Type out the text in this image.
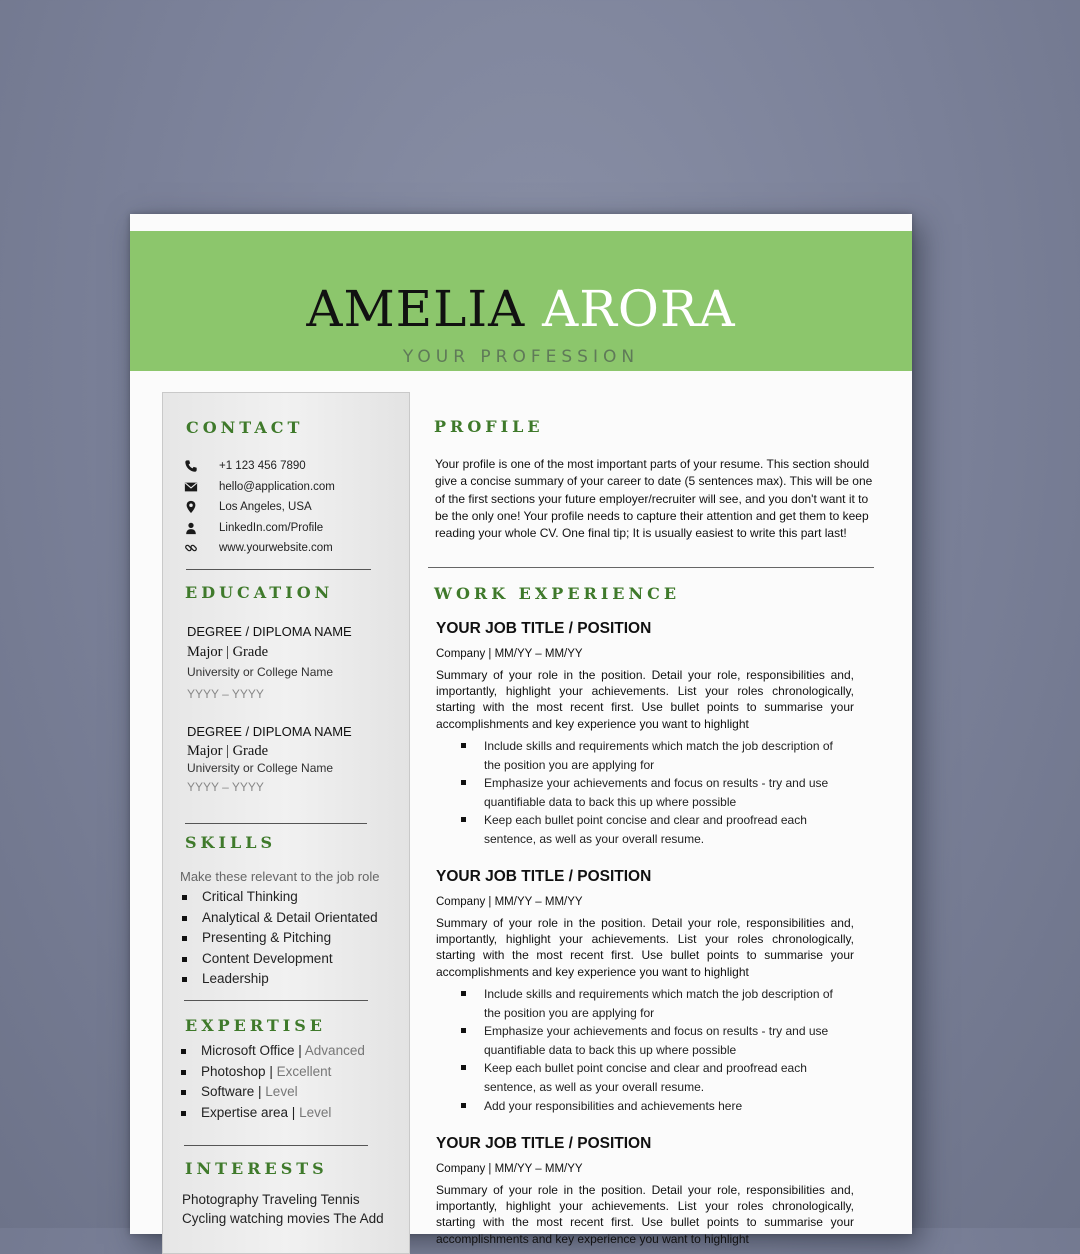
AMELIA ARORA
YOUR PROFESSION
CONTACT
+1 123 456 7890
hello@application.com
Los Angeles, USA
LinkedIn.com/Profile
www.yourwebsite.com
EDUCATION
DEGREE / DIPLOMA NAME
Major | Grade
University or College Name
YYYY – YYYY
DEGREE / DIPLOMA NAME
Major | Grade
University or College Name
YYYY – YYYY
SKILLS
Make these relevant to the job role
Critical Thinking
Analytical & Detail Orientated
Presenting & Pitching
Content Development
Leadership
EXPERTISE
Microsoft Office | Advanced
Photoshop | Excellent
Software | Level
Expertise area | Level
INTERESTS
Photography Traveling Tennis Cycling watching movies The Add
PROFILE
Your profile is one of the most important parts of your resume. This section should give a concise summary of your career to date (5 sentences max). This will be one of the first sections your future employer/recruiter will see, and you don't want it to be the only one! Your profile needs to capture their attention and get them to keep reading your whole CV. One final tip; It is usually easiest to write this part last!
WORK EXPERIENCE
YOUR JOB TITLE / POSITION
Company | MM/YY – MM/YY
Summary of your role in the position. Detail your role, responsibilities and, importantly, highlight your achievements. List your roles chronologically, starting with the most recent first. Use bullet points to summarise your accomplishments and key experience you want to highlight
Include skills and requirements which match the job description of the position you are applying for
Emphasize your achievements and focus on results - try and use quantifiable data to back this up where possible
Keep each bullet point concise and clear and proofread each sentence, as well as your overall resume.
YOUR JOB TITLE / POSITION
Company | MM/YY – MM/YY
Summary of your role in the position. Detail your role, responsibilities and, importantly, highlight your achievements. List your roles chronologically, starting with the most recent first. Use bullet points to summarise your accomplishments and key experience you want to highlight
Include skills and requirements which match the job description of the position you are applying for
Emphasize your achievements and focus on results - try and use quantifiable data to back this up where possible
Keep each bullet point concise and clear and proofread each sentence, as well as your overall resume.
Add your responsibilities and achievements here
YOUR JOB TITLE / POSITION
Company | MM/YY – MM/YY
Summary of your role in the position. Detail your role, responsibilities and, importantly, highlight your achievements. List your roles chronologically, starting with the most recent first. Use bullet points to summarise your accomplishments and key experience you want to highlight
